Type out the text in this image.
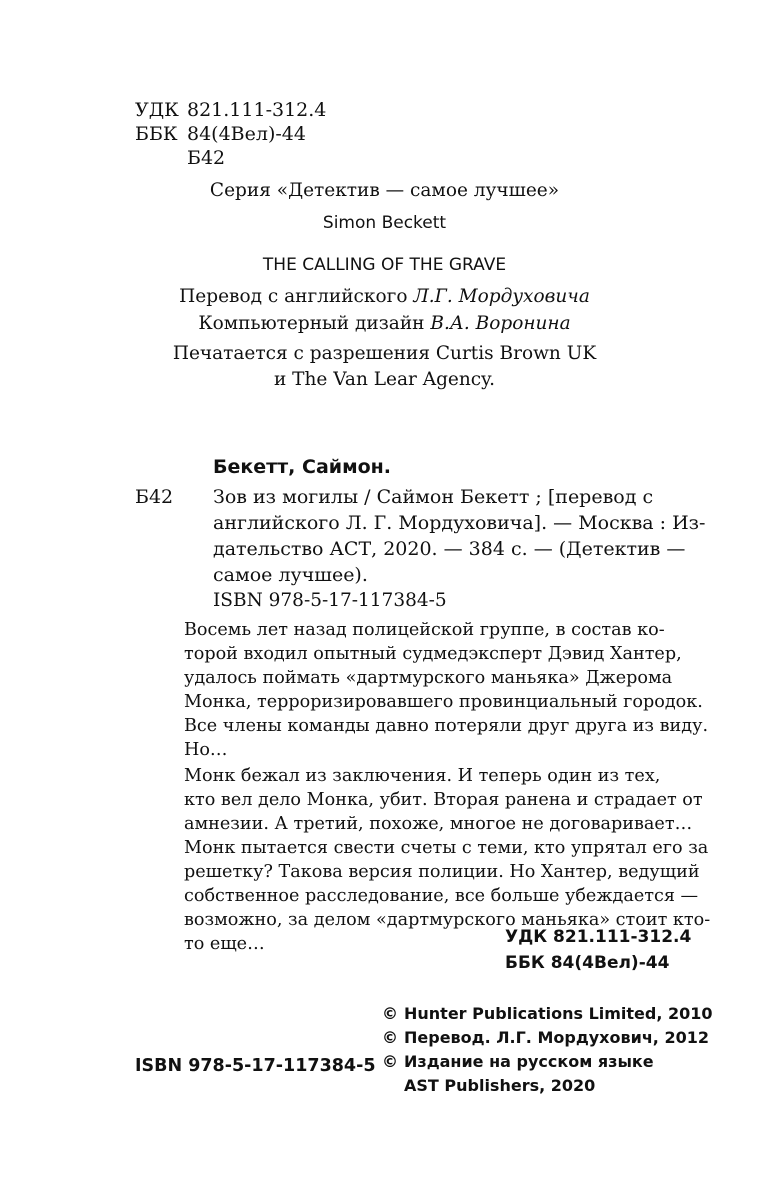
УДК 821.111-312.4
ББК 84(4Вел)-44
Б42
Серия «Детектив — самое лучшее»
Simon Beckett
THE CALLING OF THE GRAVE
Перевод с английского Л.Г. Мордуховича
Компьютерный дизайн В.А. Воронина
Печатается с разрешения Curtis Brown UK
и The Van Lear Agency.
Бекетт, Саймон.
Б42 Зов из могилы / Саймон Бекетт ; [перевод с
английского Л. Г. Мордуховича]. — Москва : Из-
дательство АСТ, 2020. — 384 с. — (Детектив —
самое лучшее).
ISBN 978-5-17-117384-5
Восемь лет назад полицейской группе, в состав ко-
торой входил опытный судмедэксперт Дэвид Хантер,
удалось поймать «дартмурского маньяка» Джерома
Монка, терроризировавшего провинциальный городок.
Все члены команды давно потеряли друг друга из виду.
Но…
Монк бежал из заключения. И теперь один из тех,
кто вел дело Монка, убит. Вторая ранена и страдает от
амнезии. А третий, похоже, многое не договаривает…
Монк пытается свести счеты с теми, кто упрятал его за
решетку? Такова версия полиции. Но Хантер, ведущий
собственное расследование, все больше убеждается —
возможно, за делом «дартмурского маньяка» стоит кто-
то еще…	УДК 821.111-312.4
ББК 84(4Вел)-44
© Hunter Publications Limited, 2010
© Перевод. Л.Г. Мордухович, 2012
© Издание на русском языке
AST Publishers, 2020
ISBN 978-5-17-117384-5
